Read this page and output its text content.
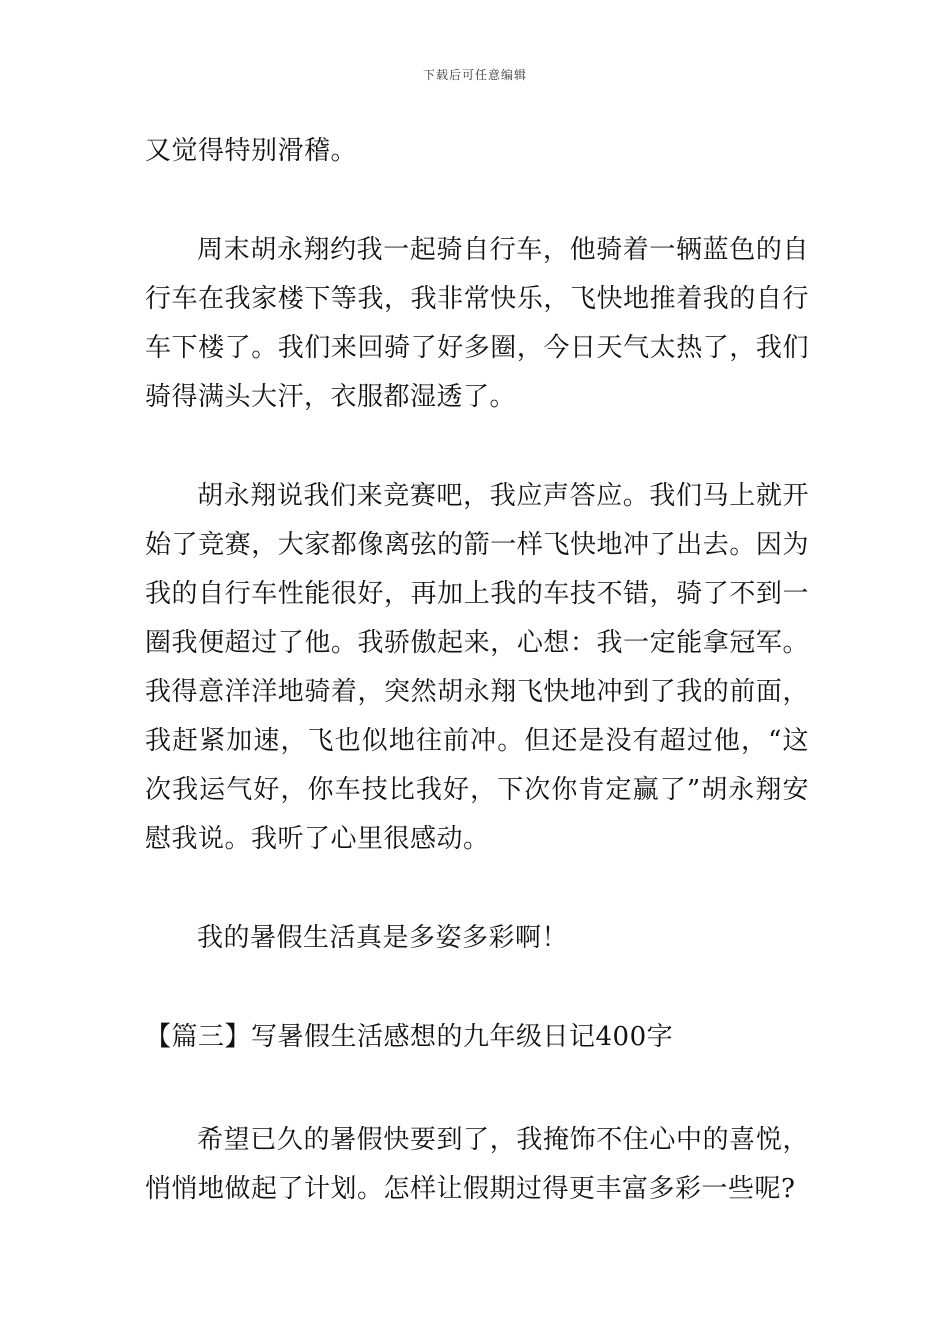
下载后可任意编辑

又觉得特别滑稽。

周末胡永翔约我一起骑自行车，他骑着一辆蓝色的自行车在我家楼下等我，我非常快乐，飞快地推着我的自行车下楼了。我们来回骑了好多圈，今日天气太热了，我们骑得满头大汗，衣服都湿透了。

胡永翔说我们来竞赛吧，我应声答应。我们马上就开始了竞赛，大家都像离弦的箭一样飞快地冲了出去。因为我的自行车性能很好，再加上我的车技不错，骑了不到一圈我便超过了他。我骄傲起来，心想：我一定能拿冠军。我得意洋洋地骑着，突然胡永翔飞快地冲到了我的前面，我赶紧加速，飞也似地往前冲。但还是没有超过他，“这次我运气好，你车技比我好，下次你肯定赢了”胡永翔安慰我说。我听了心里很感动。

我的暑假生活真是多姿多彩啊！

【篇三】写暑假生活感想的九年级日记400字

希望已久的暑假快要到了，我掩饰不住心中的喜悦，悄悄地做起了计划。怎样让假期过得更丰富多彩一些呢?
